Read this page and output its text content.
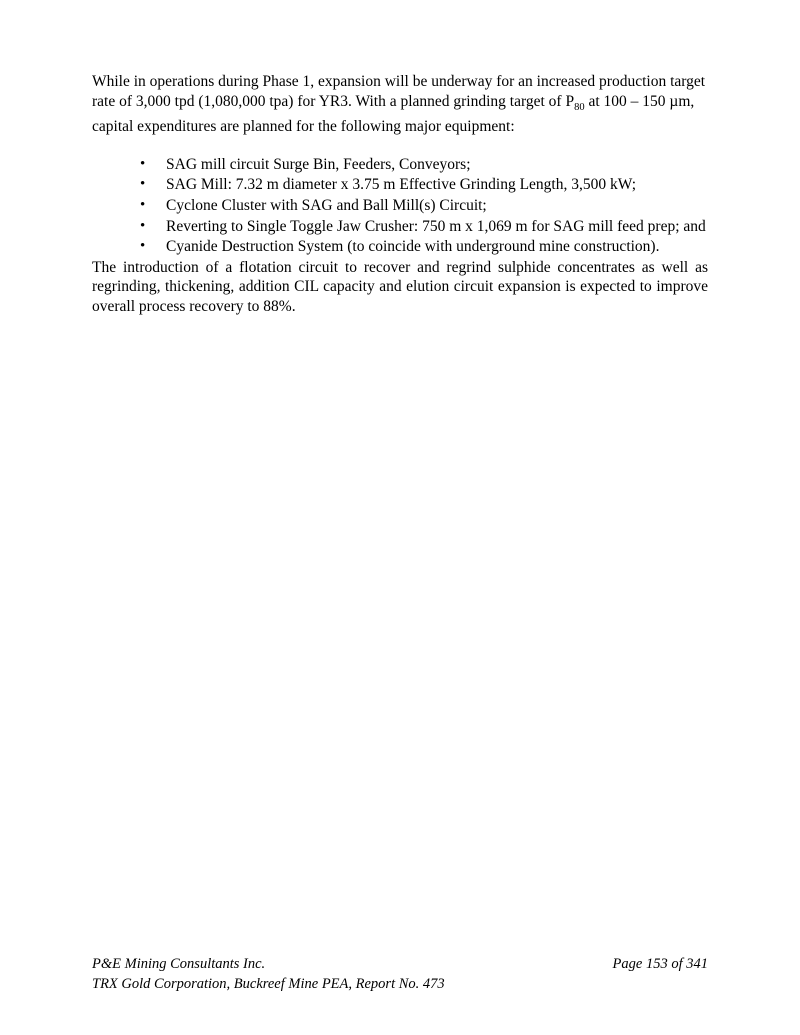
While in operations during Phase 1, expansion will be underway for an increased production target rate of 3,000 tpd (1,080,000 tpa) for YR3. With a planned grinding target of $P_{80}$ at 100 – 150 µm, capital expenditures are planned for the following major equipment:

• SAG mill circuit Surge Bin, Feeders, Conveyors;
• SAG Mill: 7.32 m diameter x 3.75 m Effective Grinding Length, 3,500 kW;
• Cyclone Cluster with SAG and Ball Mill(s) Circuit;
• Reverting to Single Toggle Jaw Crusher: 750 m x 1,069 m for SAG mill feed prep; and
• Cyanide Destruction System (to coincide with underground mine construction).

The introduction of a flotation circuit to recover and regrind sulphide concentrates as well as regrinding, thickening, addition CIL capacity and elution circuit expansion is expected to improve overall process recovery to 88%.

P&E Mining Consultants Inc.	Page 153 of 341
TRX Gold Corporation, Buckreef Mine PEA, Report No. 473
